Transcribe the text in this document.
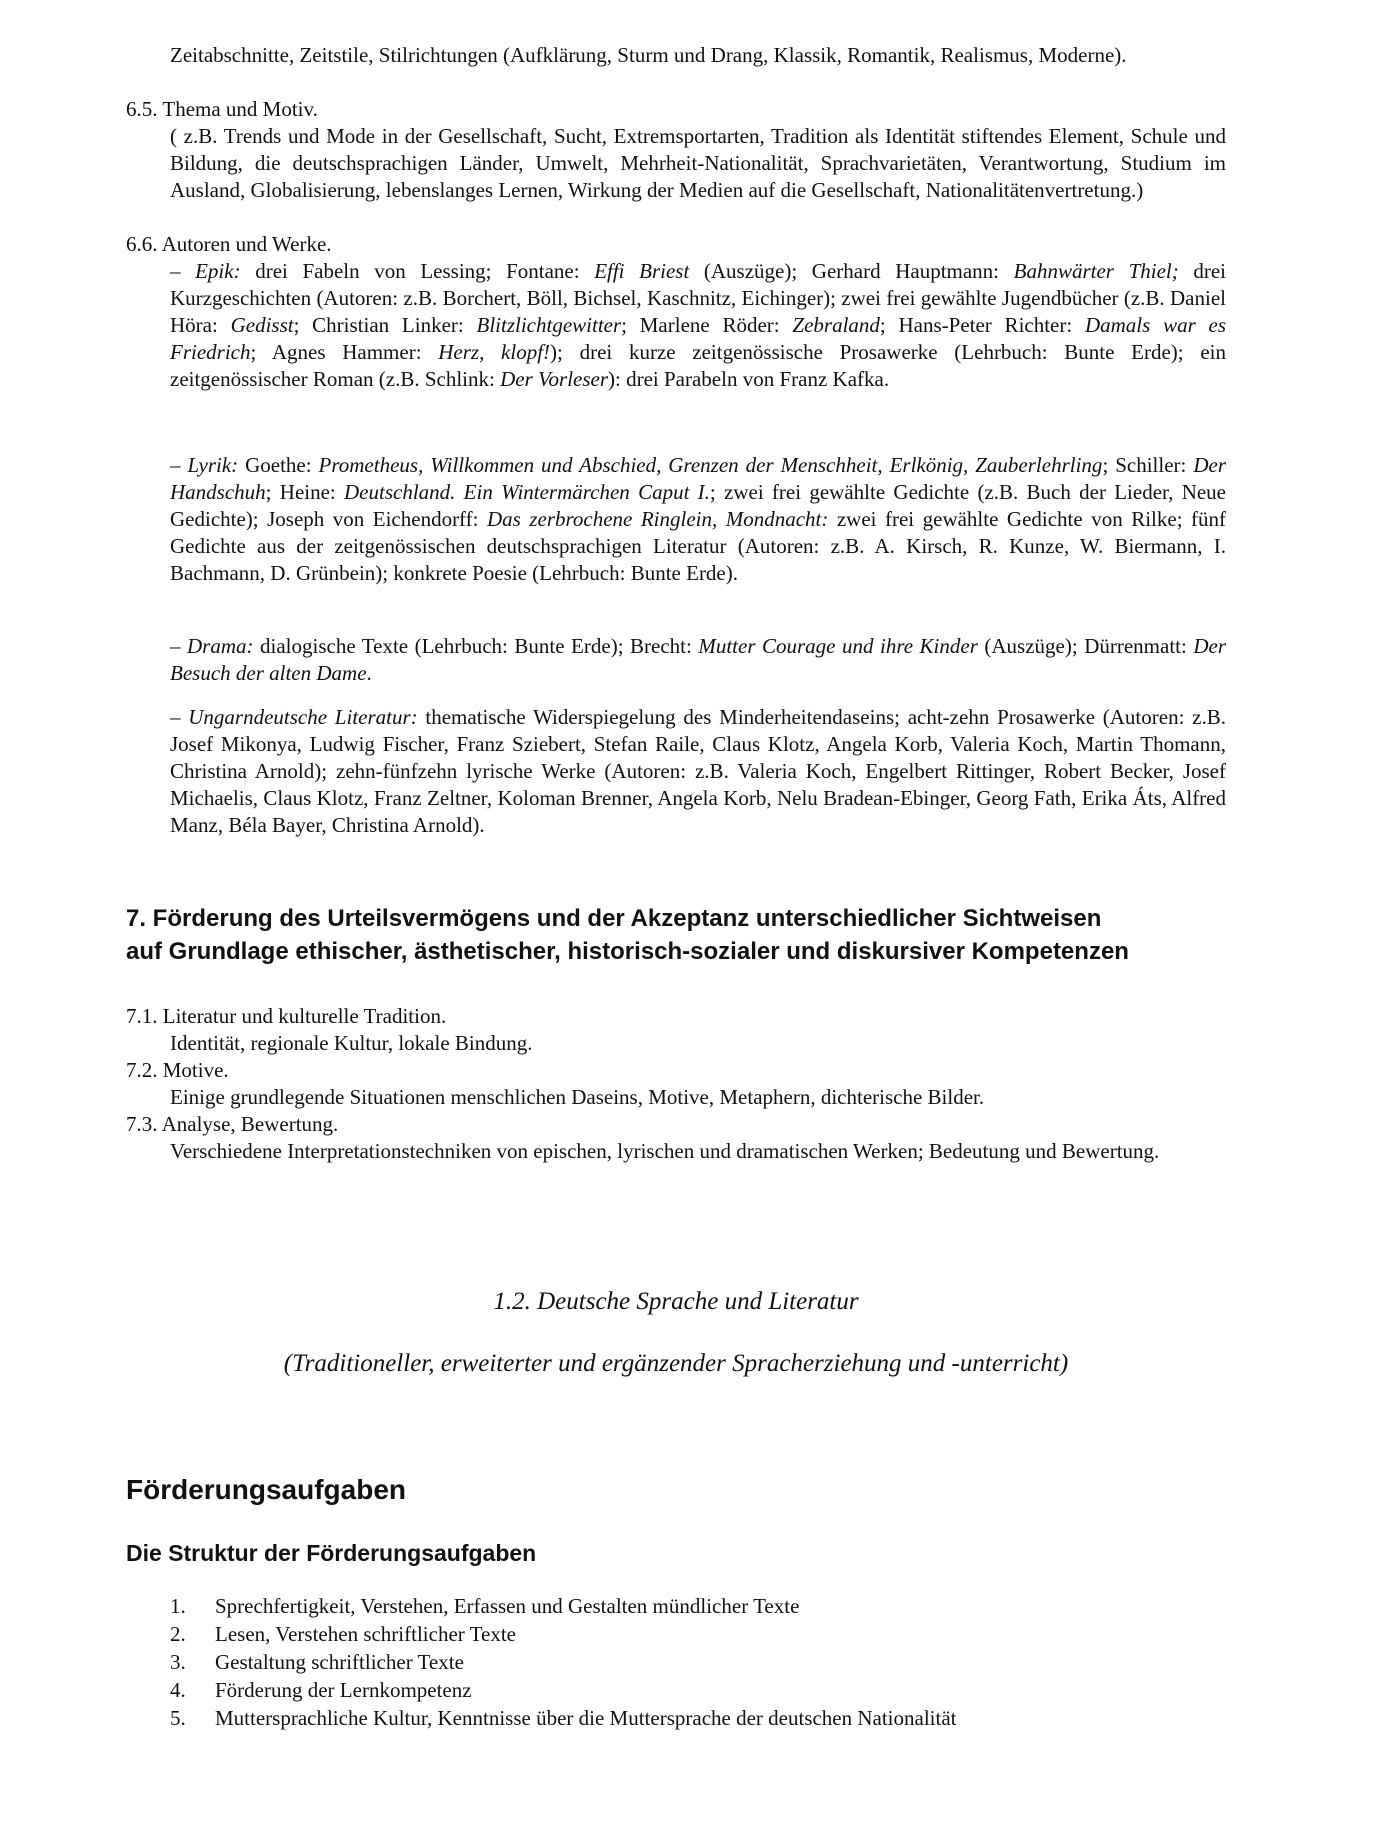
Zeitabschnitte, Zeitstile, Stilrichtungen (Aufklärung, Sturm und Drang, Klassik, Romantik, Realismus, Moderne).
6.5. Thema und Motiv.
( z.B. Trends und Mode in der Gesellschaft, Sucht, Extremsportarten, Tradition als Identität stiftendes Element, Schule und Bildung, die deutschsprachigen Länder, Umwelt, Mehrheit-Nationalität, Sprachvarietäten, Verantwortung, Studium im Ausland, Globalisierung, lebenslanges Lernen, Wirkung der Medien auf die Gesellschaft, Nationalitätenvertretung.)
6.6. Autoren und Werke.
– Epik: drei Fabeln von Lessing; Fontane: Effi Briest (Auszüge); Gerhard Hauptmann: Bahnwärter Thiel; drei Kurzgeschichten (Autoren: z.B. Borchert, Böll, Bichsel, Kaschnitz, Eichinger); zwei frei gewählte Jugendbücher (z.B. Daniel Höra: Gedisst; Christian Linker: Blitzlichtgewitter; Marlene Röder: Zebraland; Hans-Peter Richter: Damals war es Friedrich; Agnes Hammer: Herz, klopf!); drei kurze zeitgenössische Prosawerke (Lehrbuch: Bunte Erde); ein zeitgenössischer Roman (z.B. Schlink: Der Vorleser): drei Parabeln von Franz Kafka.
– Lyrik: Goethe: Prometheus, Willkommen und Abschied, Grenzen der Menschheit, Erlkönig, Zauberlehrling; Schiller: Der Handschuh; Heine: Deutschland. Ein Wintermärchen Caput I.; zwei frei gewählte Gedichte (z.B. Buch der Lieder, Neue Gedichte); Joseph von Eichendorff: Das zerbrochene Ringlein, Mondnacht: zwei frei gewählte Gedichte von Rilke; fünf Gedichte aus der zeitgenössischen deutschsprachigen Literatur (Autoren: z.B. A. Kirsch, R. Kunze, W. Biermann, I. Bachmann, D. Grünbein); konkrete Poesie (Lehrbuch: Bunte Erde).
– Drama: dialogische Texte (Lehrbuch: Bunte Erde); Brecht: Mutter Courage und ihre Kinder (Auszüge); Dürrenmatt: Der Besuch der alten Dame.
– Ungarndeutsche Literatur: thematische Widerspiegelung des Minderheitendaseins; acht-zehn Prosawerke (Autoren: z.B. Josef Mikonya, Ludwig Fischer, Franz Sziebert, Stefan Raile, Claus Klotz, Angela Korb, Valeria Koch, Martin Thomann, Christina Arnold); zehn-fünfzehn lyrische Werke (Autoren: z.B. Valeria Koch, Engelbert Rittinger, Robert Becker, Josef Michaelis, Claus Klotz, Franz Zeltner, Koloman Brenner, Angela Korb, Nelu Bradean-Ebinger, Georg Fath, Erika Áts, Alfred Manz, Béla Bayer, Christina Arnold).
7. Förderung des Urteilsvermögens und der Akzeptanz unterschiedlicher Sichtweisen
auf Grundlage ethischer, ästhetischer, historisch-sozialer und diskursiver Kompetenzen
7.1. Literatur und kulturelle Tradition.
Identität, regionale Kultur, lokale Bindung.
7.2. Motive.
Einige grundlegende Situationen menschlichen Daseins, Motive, Metaphern, dichterische Bilder.
7.3. Analyse, Bewertung.
Verschiedene Interpretationstechniken von epischen, lyrischen und dramatischen Werken; Bedeutung und Bewertung.
1.2. Deutsche Sprache und Literatur
(Traditioneller, erweiterter und ergänzender Spracherziehung und -unterricht)
Förderungsaufgaben
Die Struktur der Förderungsaufgaben
1. Sprechfertigkeit, Verstehen, Erfassen und Gestalten mündlicher Texte
2. Lesen, Verstehen schriftlicher Texte
3. Gestaltung schriftlicher Texte
4. Förderung der Lernkompetenz
5. Muttersprachliche Kultur, Kenntnisse über die Muttersprache der deutschen Nationalität
